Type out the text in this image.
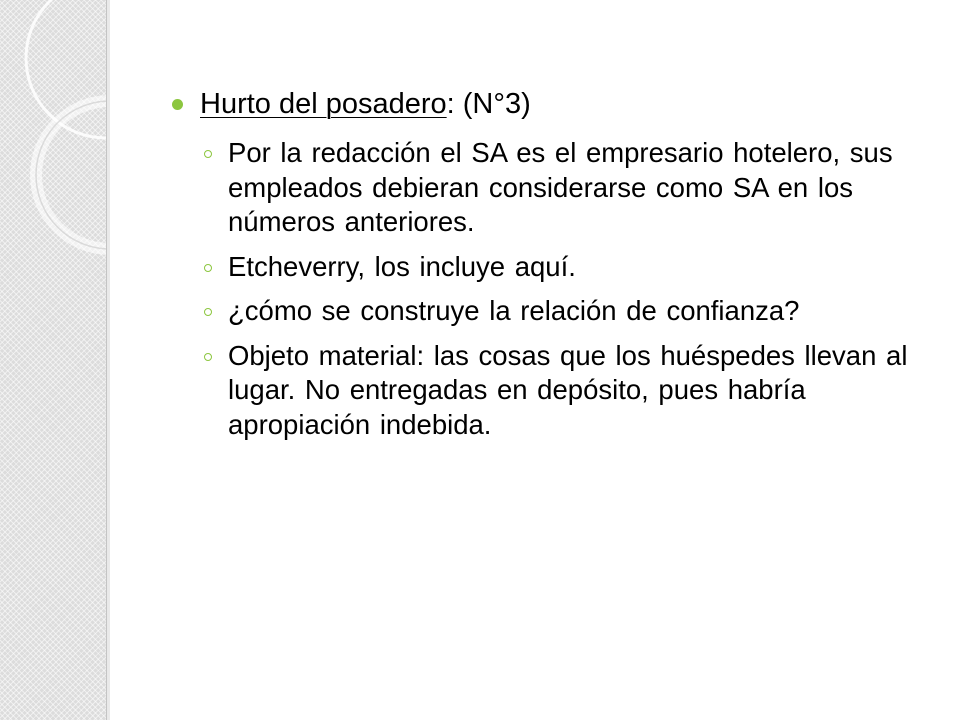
Hurto del posadero: (N°3)
Por la redacción el SA es el empresario hotelero, sus empleados debieran considerarse como SA en los números anteriores.
Etcheverry, los incluye aquí.
¿cómo se construye la relación de confianza?
Objeto material: las cosas que los huéspedes llevan al lugar. No entregadas en depósito, pues habría apropiación indebida.
